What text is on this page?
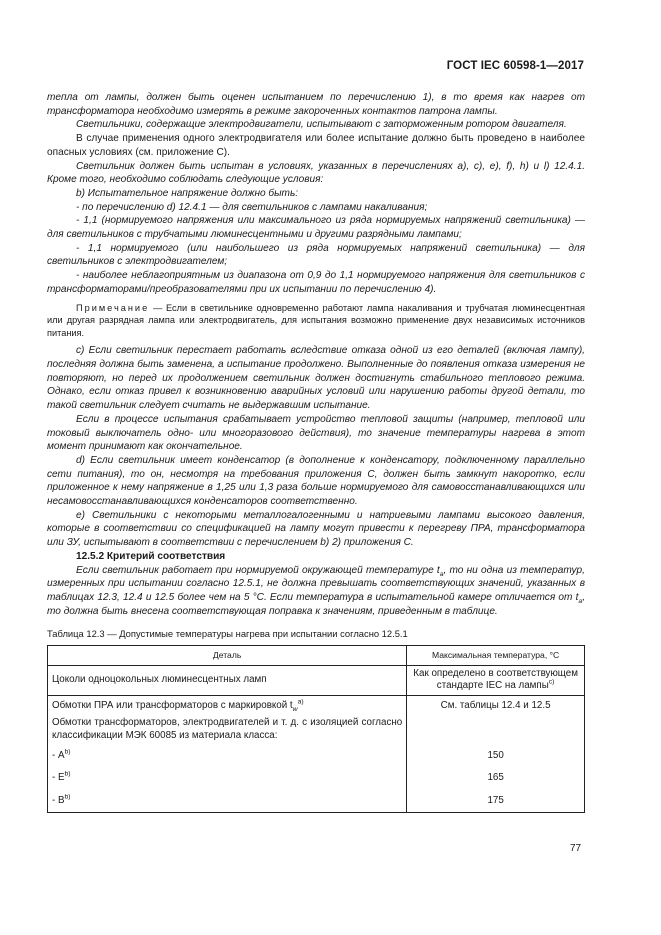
ГОСТ IEC 60598-1—2017

тепла от лампы, должен быть оценен испытанием по перечислению 1), в то время как нагрев от трансформатора необходимо измерять в режиме закороченных контактов патрона лампы.

Светильники, содержащие электродвигатели, испытывают с заторможенным ротором двигателя.

В случае применения одного электродвигателя или более испытание должно быть проведено в наиболее опасных условиях (см. приложение С).

Светильник должен быть испытан в условиях, указанных в перечислениях а), с), е), f), h) и l) 12.4.1. Кроме того, необходимо соблюдать следующие условия:

b) Испытательное напряжение должно быть:

- по перечислению d) 12.4.1 — для светильников с лампами накаливания;

- 1,1 (нормируемого напряжения или максимального из ряда нормируемых напряжений светильника) — для светильников с трубчатыми люминесцентными и другими разрядными лампами;

- 1,1 нормируемого (или наибольшего из ряда нормируемых напряжений светильника) — для светильников с электродвигателем;

- наиболее неблагоприятным из диапазона от 0,9 до 1,1 нормируемого напряжения для светильников с трансформаторами/преобразователями при их испытании по перечислению 4).

Примечание — Если в светильнике одновременно работают лампа накаливания и трубчатая люминесцентная или другая разрядная лампа или электродвигатель, для испытания возможно применение двух независимых источников питания.

с) Если светильник перестает работать вследствие отказа одной из его деталей (включая лампу), последняя должна быть заменена, а испытание продолжено. Выполненные до появления отказа измерения не повторяют, но перед их продолжением светильник должен достигнуть стабильного теплового режима. Однако, если отказ привел к возникновению аварийных условий или нарушению работы другой детали, то такой светильник следует считать не выдержавшим испытание.

Если в процессе испытания срабатывает устройство тепловой защиты (например, тепловой или токовый выключатель одно- или многоразового действия), то значение температуры нагрева в этот момент принимают как окончательное.

d) Если светильник имеет конденсатор (в дополнение к конденсатору, подключенному параллельно сети питания), то он, несмотря на требования приложения С, должен быть замкнут накоротко, если приложенное к нему напряжение в 1,25 или 1,3 раза больше нормируемого для самовосстанавливающихся или несамовосстанавливающихся конденсаторов соответственно.

е) Светильники с некоторыми металлогалогенными и натриевыми лампами высокого давления, которые в соответствии со спецификацией на лампу могут привести к перегреву ПРА, трансформатора или ЗУ, испытывают в соответствии с перечислением b) 2) приложения С.

12.5.2 Критерий соответствия

Если светильник работает при нормируемой окружающей температуре $t_a$, то ни одна из температур, измеренных при испытании согласно 12.5.1, не должна превышать соответствующих значений, указанных в таблицах 12.3, 12.4 и 12.5 более чем на 5 °C. Если температура в испытательной камере отличается от $t_a$, то должна быть внесена соответствующая поправка к значениям, приведенным в таблице.

Таблица 12.3 — Допустимые температуры нагрева при испытании согласно 12.5.1

Деталь	Максимальная температура, °С
Цоколи одноцокольных люминесцентных ламп	Как определено в соответствующем стандарте IEC на лампы$^{c)}$
Обмотки ПРА или трансформаторов с маркировкой $t_w^{a)}$	См. таблицы 12.4 и 12.5
Обмотки трансформаторов, электродвигателей и т. д. с изоляцией согласно классификации МЭК 60085 из материала класса:	
- $А^{b)}$	150
- $Е^{b)}$	165
- $В^{b)}$	175
77
